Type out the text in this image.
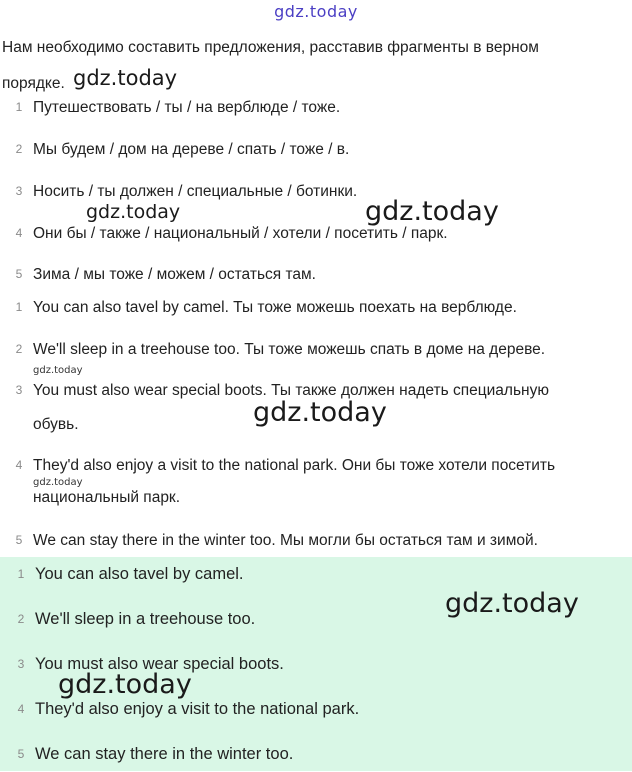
gdz.today
Нам необходимо составить предложения, расставив фрагменты в верном
порядке.
1 Путешествовать / ты / на верблюде / тоже.
2 Мы будем / дом на дереве / спать / тоже / в.
3 Носить / ты должен / специальные / ботинки.
4 Они бы / также / национальный / хотели / посетить / парк.
5 Зима / мы тоже / можем / остаться там.
1 You can also tavel by camel. Ты тоже можешь поехать на верблюде.
2 We'll sleep in a treehouse too. Ты тоже можешь спать в доме на дереве.
3 You must also wear special boots. Ты также должен надеть специальную
обувь.
4 They'd also enjoy a visit to the national park. Они бы тоже хотели посетить
национальный парк.
5 We can stay there in the winter too. Мы могли бы остаться там и зимой.
1 You can also tavel by camel.
2 We'll sleep in a treehouse too.
3 You must also wear special boots.
4 They'd also enjoy a visit to the national park.
5 We can stay there in the winter too.
gdz.today
gdz.today	gdz.today
gdz.today
gdz.today
gdz.today
gdz.today
gdz.today
